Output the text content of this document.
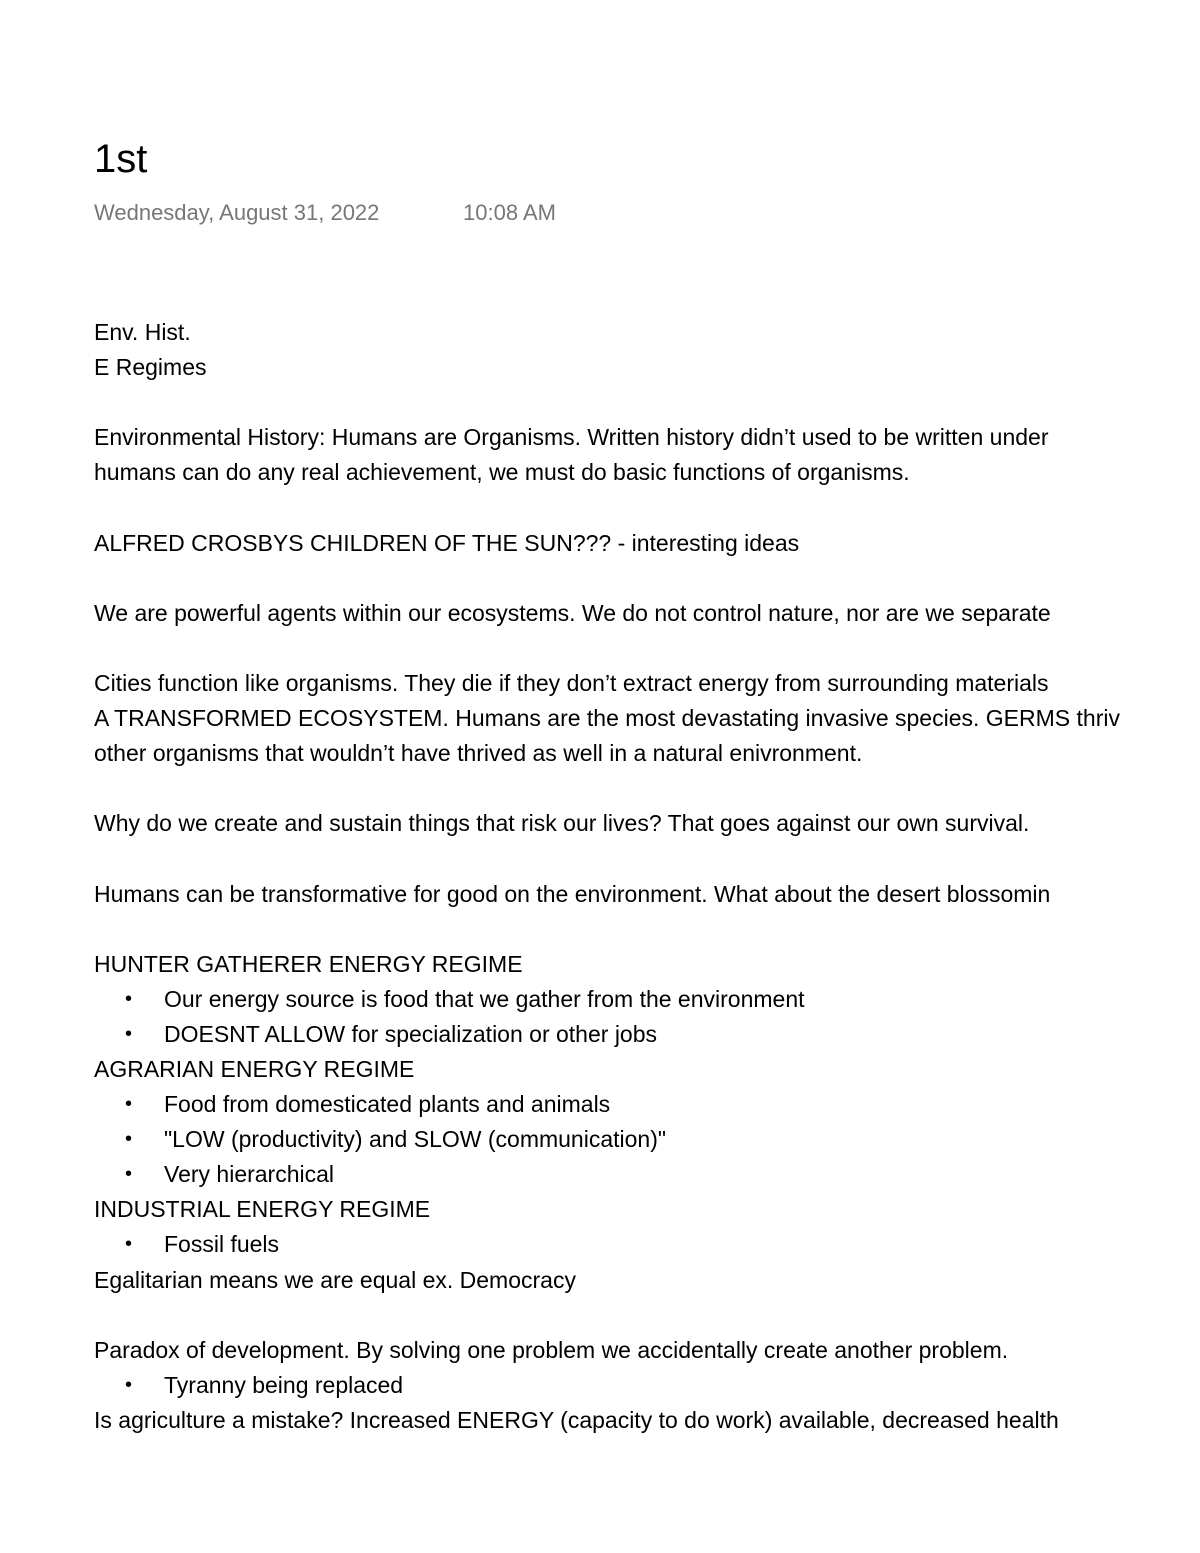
1st
Wednesday, August 31, 2022	10:08 AM
Env. Hist.
E Regimes
Environmental History: Humans are Organisms. Written history didn’t used to be written under
humans can do any real achievement, we must do basic functions of organisms.
ALFRED CROSBYS CHILDREN OF THE SUN??? - interesting ideas
We are powerful agents within our ecosystems. We do not control nature, nor are we separate
Cities function like organisms. They die if they don’t extract energy from surrounding materials
A TRANSFORMED ECOSYSTEM. Humans are the most devastating invasive species. GERMS thriv
other organisms that wouldn’t have thrived as well in a natural enivronment.
Why do we create and sustain things that risk our lives? That goes against our own survival.
Humans can be transformative for good on the environment. What about the desert blossomin
HUNTER GATHERER ENERGY REGIME
• Our energy source is food that we gather from the environment
• DOESNT ALLOW for specialization or other jobs
AGRARIAN ENERGY REGIME
• Food from domesticated plants and animals
• "LOW (productivity) and SLOW (communication)"
• Very hierarchical
INDUSTRIAL ENERGY REGIME
• Fossil fuels
Egalitarian means we are equal ex. Democracy
Paradox of development. By solving one problem we accidentally create another problem.
• Tyranny being replaced
Is agriculture a mistake? Increased ENERGY (capacity to do work) available, decreased health
